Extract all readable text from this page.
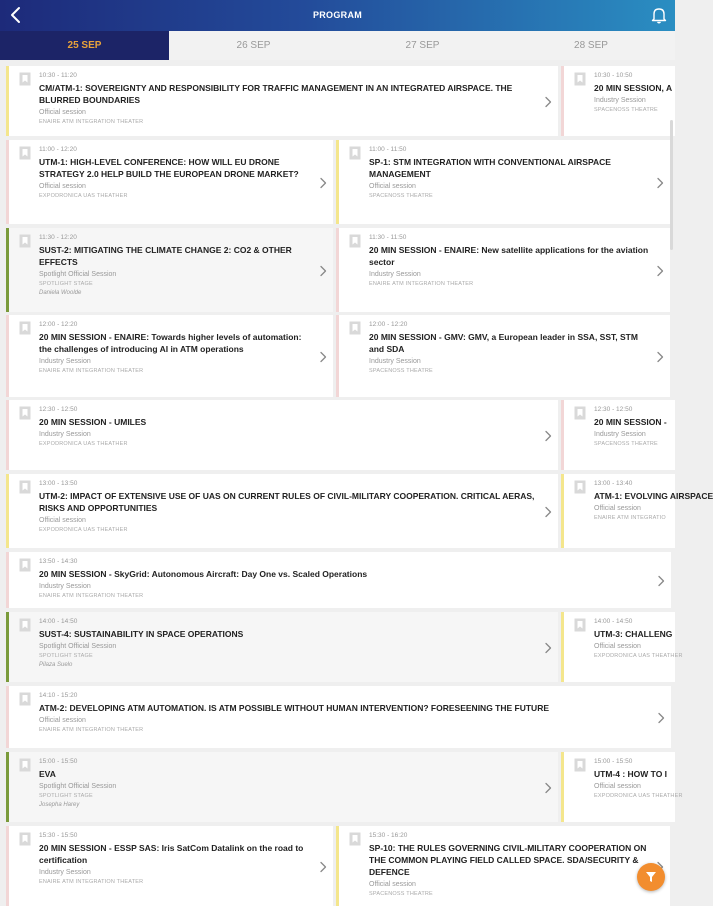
PROGRAM
25 SEP	26 SEP	27 SEP	28 SEP
10:30 - 11:20
CM/ATM-1: SOVEREIGNTY AND RESPONSIBILITY FOR TRAFFIC MANAGEMENT IN AN INTEGRATED AIRSPACE. THE BLURRED BOUNDARIES
Official session
ENAIRE ATM INTEGRATION THEATER
10:30 - 10:50
20 MIN SESSION, A
Industry Session
SPACENOSS THEATRE
11:00 - 12:20
UTM-1: HIGH-LEVEL CONFERENCE: HOW WILL EU DRONE STRATEGY 2.0 HELP BUILD THE EUROPEAN DRONE MARKET?
Official session
EXPODRONICA UAS THEATHER
11:00 - 11:50
SP-1: STM INTEGRATION WITH CONVENTIONAL AIRSPACE MANAGEMENT
Official session
SPACENOSS THEATRE
11:30 - 12:20
SUST-2: MITIGATING THE CLIMATE CHANGE 2: CO2 & OTHER EFFECTS
Spotlight Official Session
SPOTLIGHT STAGE
Daniela Woolde
11:30 - 11:50
20 MIN SESSION - ENAIRE: New satellite applications for the aviation sector
Industry Session
ENAIRE ATM INTEGRATION THEATER
12:00 - 12:20
20 MIN SESSION - ENAIRE: Towards higher levels of automation: the challenges of introducing AI in ATM operations
Industry Session
ENAIRE ATM INTEGRATION THEATER
12:00 - 12:20
20 MIN SESSION - GMV: GMV, a European leader in SSA, SST, STM and SDA
Industry Session
SPACENOSS THEATRE
12:30 - 12:50
20 MIN SESSION - UMILES
Industry Session
EXPODRONICA UAS THEATHER
12:30 - 12:50
20 MIN SESSION -
Industry Session
SPACENOSS THEATRE
13:00 - 13:50
UTM-2: IMPACT OF EXTENSIVE USE OF UAS ON CURRENT RULES OF CIVIL-MILITARY COOPERATION. CRITICAL AERAS, RISKS AND OPPORTUNITIES
Official session
EXPODRONICA UAS THEATHER
13:00 - 13:40
ATM-1: EVOLVING AIRSPACE
Official session
ENAIRE ATM INTEGRATIO
13:50 - 14:30
20 MIN SESSION - SkyGrid: Autonomous Aircraft: Day One vs. Scaled Operations
Industry Session
ENAIRE ATM INTEGRATION THEATER
14:00 - 14:50
SUST-4: SUSTAINABILITY IN SPACE OPERATIONS
Spotlight Official Session
SPOTLIGHT STAGE
Pilaza Suelo
14:00 - 14:50
UTM-3: CHALLENG
Official session
EXPODRONICA UAS THEATHER
14:10 - 15:20
ATM-2: DEVELOPING ATM AUTOMATION. IS ATM POSSIBLE WITHOUT HUMAN INTERVENTION? FORESEENING THE FUTURE
Official session
ENAIRE ATM INTEGRATION THEATER
15:00 - 15:50
EVA
Spotlight Official Session
SPOTLIGHT STAGE
Josepha Harey
15:00 - 15:50
UTM-4 : HOW TO I
Official session
EXPODRONICA UAS THEATHER
15:30 - 15:50
20 MIN SESSION - ESSP SAS: Iris SatCom Datalink on the road to certification
Industry Session
ENAIRE ATM INTEGRATION THEATER
15:30 - 16:20
SP-10: THE RULES GOVERNING CIVIL-MILITARY COOPERATION ON THE COMMON PLAYING FIELD CALLED SPACE. SDA/SECURITY & DEFENCE
Official session
SPACENOSS THEATRE
